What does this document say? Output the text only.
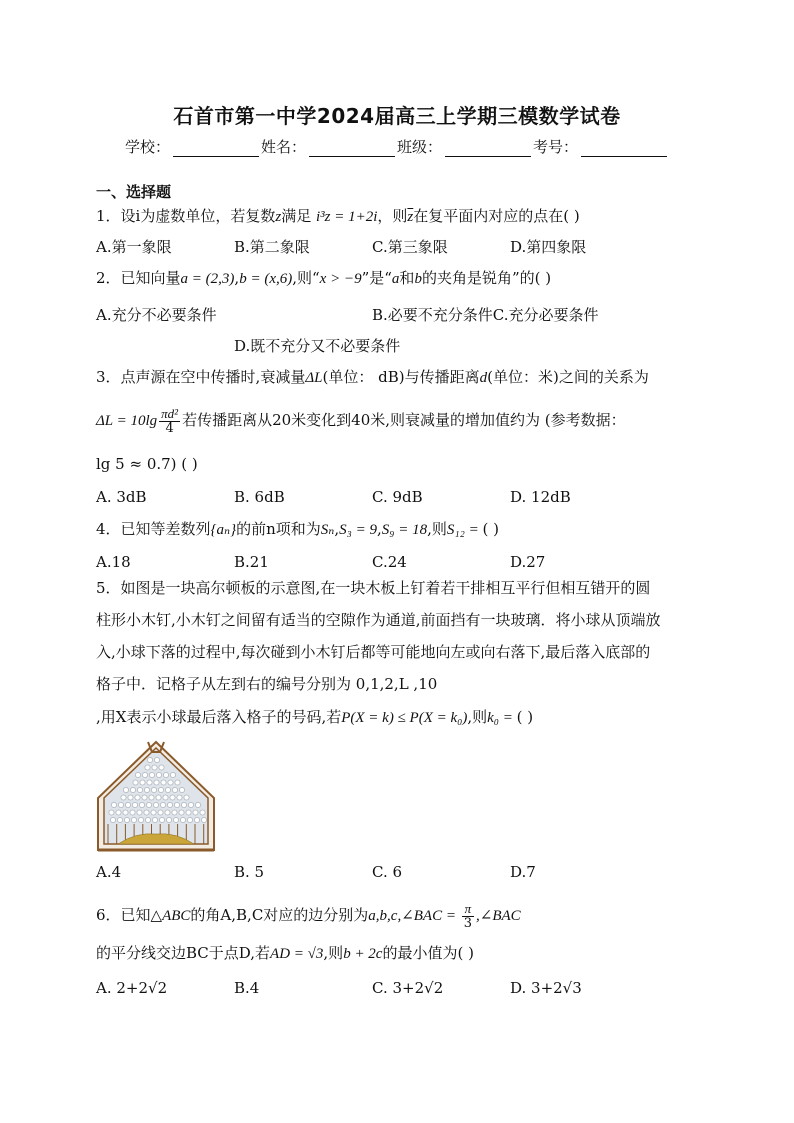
石首市第一中学2024届高三上学期三模数学试卷
学校：	姓名：	班级：	考号：
一、选择题
1．设i为虚数单位，若复数z满足 i³z = 1+2i，则$\overline{z}$在复平面内对应的点在( )
A.第一象限	B.第二象限	C.第三象限	D.第四象限
2．已知向量a = (2,3),b = (x,6),则“x > −9”是“a和b的夹角是锐角”的( )
A.充分不必要条件	B.必要不充分条件C.充分必要条件
D.既不充分又不必要条件
3．点声源在空中传播时,衰减量ΔL(单位： dB)与传播距离d(单位：米)之间的关系为
$\Delta L = 10\lg \frac{\text{πd²}}{4}$ 若传播距离从20米变化到40米,则衰减量的增加值约为 (参考数据：
lg 5 ≈ 0.7) ( )
A. 3dB	B. 6dB	C. 9dB	D. 12dB
4．已知等差数列{aₙ}的前n项和为Sₙ,S₃ = 9,S₉ = 18,则S₁₂ = ( )
A.18	B.21	C.24	D.27
5．如图是一块高尔顿板的示意图,在一块木板上钉着若干排相互平行但相互错开的圆
柱形小木钉,小木钉之间留有适当的空隙作为通道,前面挡有一块玻璃．将小球从顶端放
入,小球下落的过程中,每次碰到小木钉后都等可能地向左或向右落下,最后落入底部的
格子中．记格子从左到右的编号分别为 0,1,2,L ,10
,用X表示小球最后落入格子的号码,若P(X = k) ≤ P(X = k₀),则k₀ = ( )
A.4	B. 5	C. 6	D.7
6．已知△ABC的角A,B,C对应的边分别为a,b,c,∠BAC = $\frac{\pi}{3}$ ,∠BAC
的平分线交边BC于点D,若AD = √3,则b + 2c的最小值为( )
A. 2+2√2	B.4	C. 3+2√2	D. 3+2√3
